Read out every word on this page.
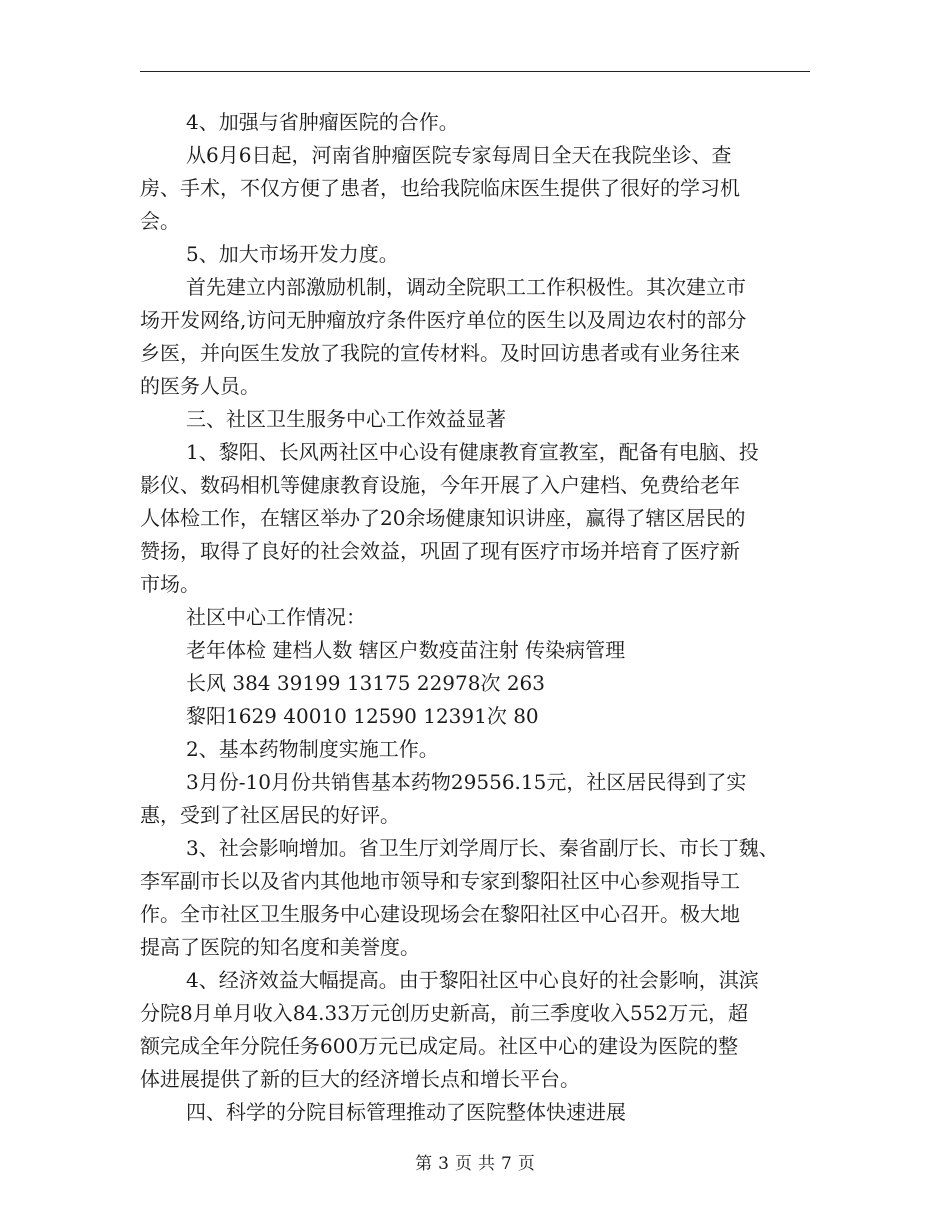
4、加强与省肿瘤医院的合作。
从6月6日起，河南省肿瘤医院专家每周日全天在我院坐诊、查
房、手术，不仅方便了患者，也给我院临床医生提供了很好的学习机
会。
5、加大市场开发力度。
首先建立内部激励机制，调动全院职工工作积极性。其次建立市
场开发网络,访问无肿瘤放疗条件医疗单位的医生以及周边农村的部分
乡医，并向医生发放了我院的宣传材料。及时回访患者或有业务往来
的医务人员。
三、社区卫生服务中心工作效益显著
1、黎阳、长风两社区中心设有健康教育宣教室，配备有电脑、投
影仪、数码相机等健康教育设施，今年开展了入户建档、免费给老年
人体检工作，在辖区举办了20余场健康知识讲座，赢得了辖区居民的
赞扬，取得了良好的社会效益，巩固了现有医疗市场并培育了医疗新
市场。
社区中心工作情况：
老年体检 建档人数 辖区户数疫苗注射 传染病管理
长风 384 39199 13175 22978次 263
黎阳1629 40010 12590 12391次 80
2、基本药物制度实施工作。
3月份-10月份共销售基本药物29556.15元，社区居民得到了实
惠，受到了社区居民的好评。
3、社会影响增加。省卫生厅刘学周厅长、秦省副厅长、市长丁魏、
李军副市长以及省内其他地市领导和专家到黎阳社区中心参观指导工
作。全市社区卫生服务中心建设现场会在黎阳社区中心召开。极大地
提高了医院的知名度和美誉度。
4、经济效益大幅提高。由于黎阳社区中心良好的社会影响，淇滨
分院8月单月收入84.33万元创历史新高，前三季度收入552万元，超
额完成全年分院任务600万元已成定局。社区中心的建设为医院的整
体进展提供了新的巨大的经济增长点和增长平台。
四、科学的分院目标管理推动了医院整体快速进展
第 3 页 共 7 页
